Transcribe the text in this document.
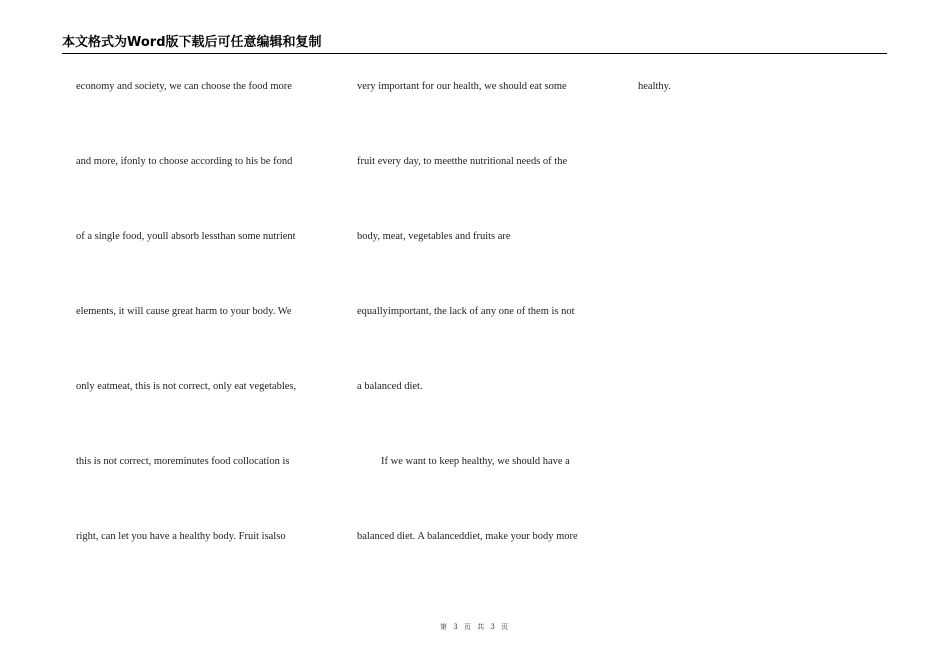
本文格式为Word版下载后可任意编辑和复制
economy and society, we can choose the food more
and more, ifonly to choose according to his be fond
of a single food, youll absorb lessthan some nutrient
elements, it will cause great harm to your body. We
only eatmeat, this is not correct, only eat vegetables,
this is not correct, moreminutes food collocation is
right, can let you have a healthy body. Fruit isalso
very important for our health, we should eat some
fruit every day, to meetthe nutritional needs of the
body, meat, vegetables and fruits are
equallyimportant, the lack of any one of them is not
a balanced diet.
If we want to keep healthy, we should have a
balanced diet. A balanceddiet, make your body more
healthy.
第 3 页 共 3 页
